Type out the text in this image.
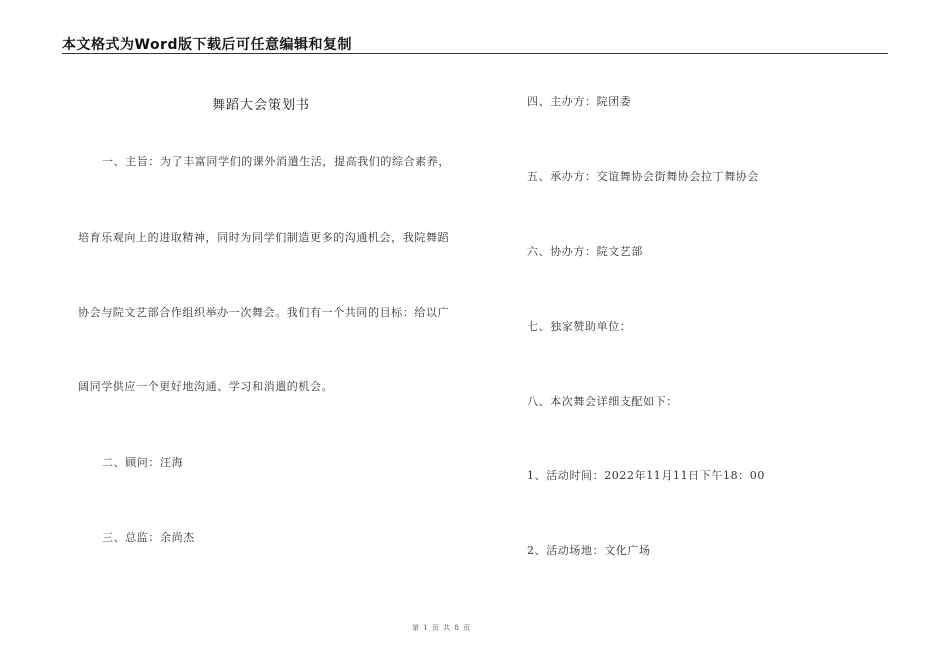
本文格式为Word版下载后可任意编辑和复制
舞蹈大会策划书
一、主旨：为了丰富同学们的课外消遣生活，提高我们的综合素养，
培育乐观向上的进取精神，同时为同学们制造更多的沟通机会，我院舞蹈
协会与院文艺部合作组织举办一次舞会。我们有一个共同的目标：给以广
阔同学供应一个更好地沟通、学习和消遣的机会。
二、顾问：汪海
三、总监：余尚杰
四、主办方：院团委
五、承办方：交谊舞协会街舞协会拉丁舞协会
六、协办方：院文艺部
七、独家赞助单位：
八、本次舞会详细支配如下：
1、活动时间：2022年11月11日下午18：00
2、活动场地：文化广场
第 1 页 共 8 页
